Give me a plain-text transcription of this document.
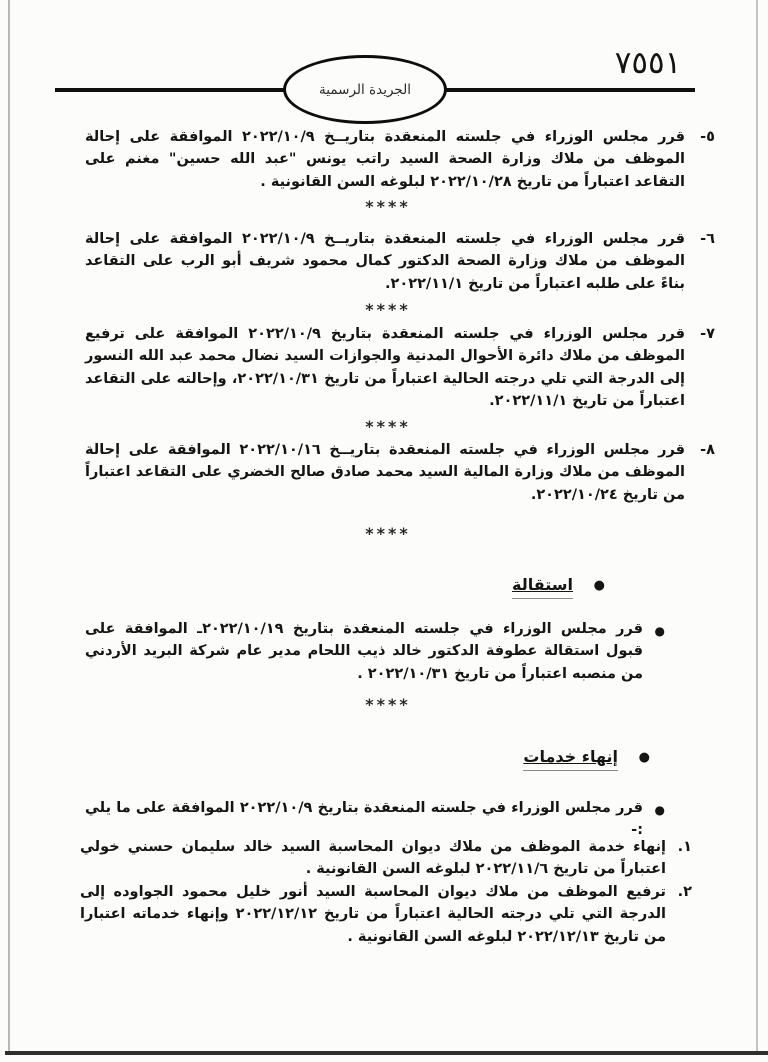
٧٥٥١
الجريدة الرسمية
٥-
قرر مجلس الوزراء في جلسته المنعقدة بتاريــخ ٢٠٢٢/١٠/٩ الموافقة على إحالة الموظف من ملاك وزارة الصحة السيد راتب يونس "عبد الله حسين" مغنم على التقاعد اعتباراً من تاريخ ٢٠٢٢/١٠/٢٨ لبلوغه السن القانونية .
****
٦-
قرر مجلس الوزراء في جلسته المنعقدة بتاريــخ ٢٠٢٢/١٠/٩ الموافقة على إحالة الموظف من ملاك وزارة الصحة الدكتور كمال محمود شريف أبو الرب على التقاعد بناءً على طلبه اعتباراً من تاريخ ٢٠٢٢/١١/١.
****
٧-
قرر مجلس الوزراء في جلسته المنعقدة بتاريخ ٢٠٢٢/١٠/٩ الموافقة على ترفيع الموظف من ملاك دائرة الأحوال المدنية والجوازات السيد نضال محمد عبد الله النسور إلى الدرجة التي تلي درجته الحالية اعتباراً من تاريخ ٢٠٢٢/١٠/٣١، وإحالته على التقاعد اعتباراً من تاريخ ٢٠٢٢/١١/١.
****
٨-
قرر مجلس الوزراء في جلسته المنعقدة بتاريــخ ٢٠٢٢/١٠/١٦ الموافقة على إحالة الموظف من ملاك وزارة المالية السيد محمد صادق صالح الخضري على التقاعد اعتباراً من تاريخ ٢٠٢٢/١٠/٢٤.
****
●
استقالة
●
قرر مجلس الوزراء في جلسته المنعقدة بتاريخ ٢٠٢٢/١٠/١٩ـ الموافقة على قبول استقالة عطوفة الدكتور خالد ذيب اللحام مدير عام شركة البريد الأردني من منصبه اعتباراً من تاريخ ٢٠٢٢/١٠/٣١ .
****
●
إنهاء خدمات
●
قرر مجلس الوزراء في جلسته المنعقدة بتاريخ ٢٠٢٢/١٠/٩ الموافقة على ما يلي :-
١.
إنهاء خدمة الموظف من ملاك ديوان المحاسبة السيد خالد سليمان حسني خولي اعتباراً من تاريخ ٢٠٢٢/١١/٦ لبلوغه السن القانونية .
٢.
ترفيع الموظف من ملاك ديوان المحاسبة السيد أنور خليل محمود الجواوده إلى الدرجة التي تلي درجته الحالية اعتباراً من تاريخ ٢٠٢٢/١٢/١٢ وإنهاء خدماته اعتبارا من تاريخ ٢٠٢٢/١٢/١٣ لبلوغه السن القانونية .
